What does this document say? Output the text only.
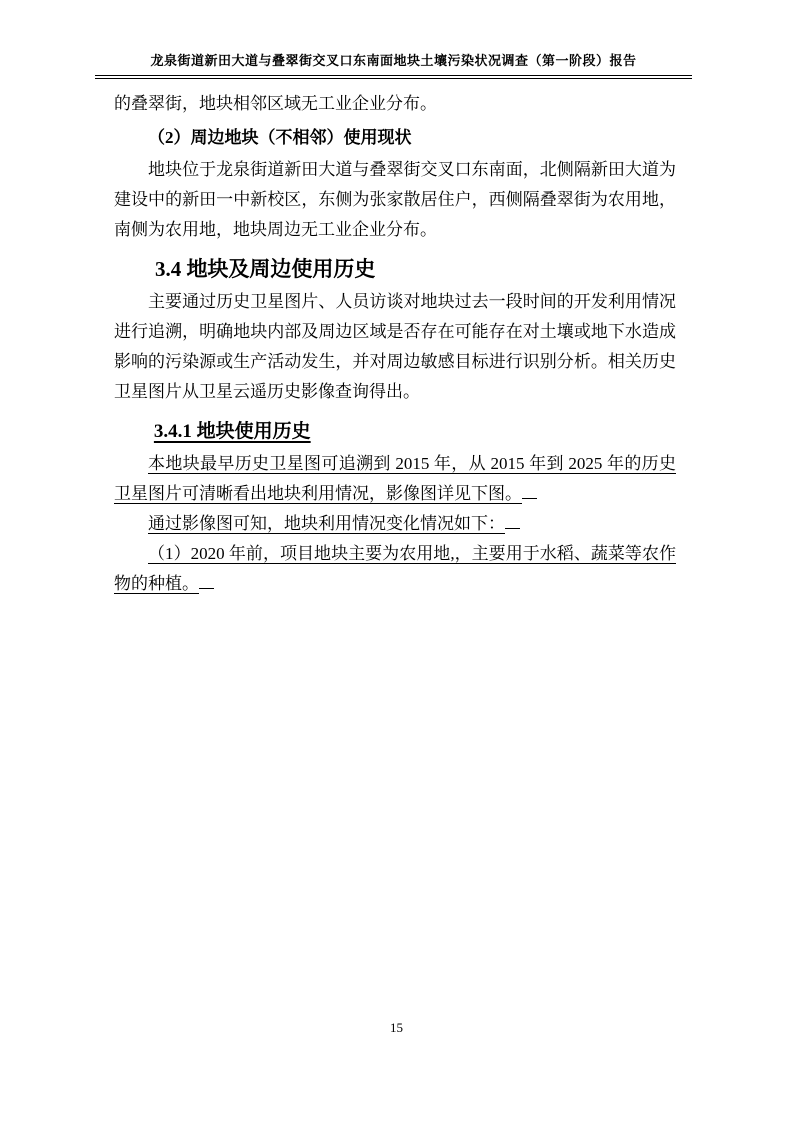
龙泉街道新田大道与叠翠街交叉口东南面地块土壤污染状况调查（第一阶段）报告

的叠翠街，地块相邻区域无工业企业分布。

（2）周边地块（不相邻）使用现状

地块位于龙泉街道新田大道与叠翠街交叉口东南面，北侧隔新田大道为建设中的新田一中新校区，东侧为张家散居住户，西侧隔叠翠街为农用地，南侧为农用地，地块周边无工业企业分布。

3.4 地块及周边使用历史

主要通过历史卫星图片、人员访谈对地块过去一段时间的开发利用情况进行追溯，明确地块内部及周边区域是否存在可能存在对土壤或地下水造成影响的污染源或生产活动发生，并对周边敏感目标进行识别分析。相关历史卫星图片从卫星云遥历史影像查询得出。

3.4.1 地块使用历史

本地块最早历史卫星图可追溯到 2015 年，从 2015 年到 2025 年的历史卫星图片可清晰看出地块利用情况，影像图详见下图。

通过影像图可知，地块利用情况变化情况如下：

（1）2020 年前，项目地块主要为农用地,，主要用于水稻、蔬菜等农作物的种植。

15
